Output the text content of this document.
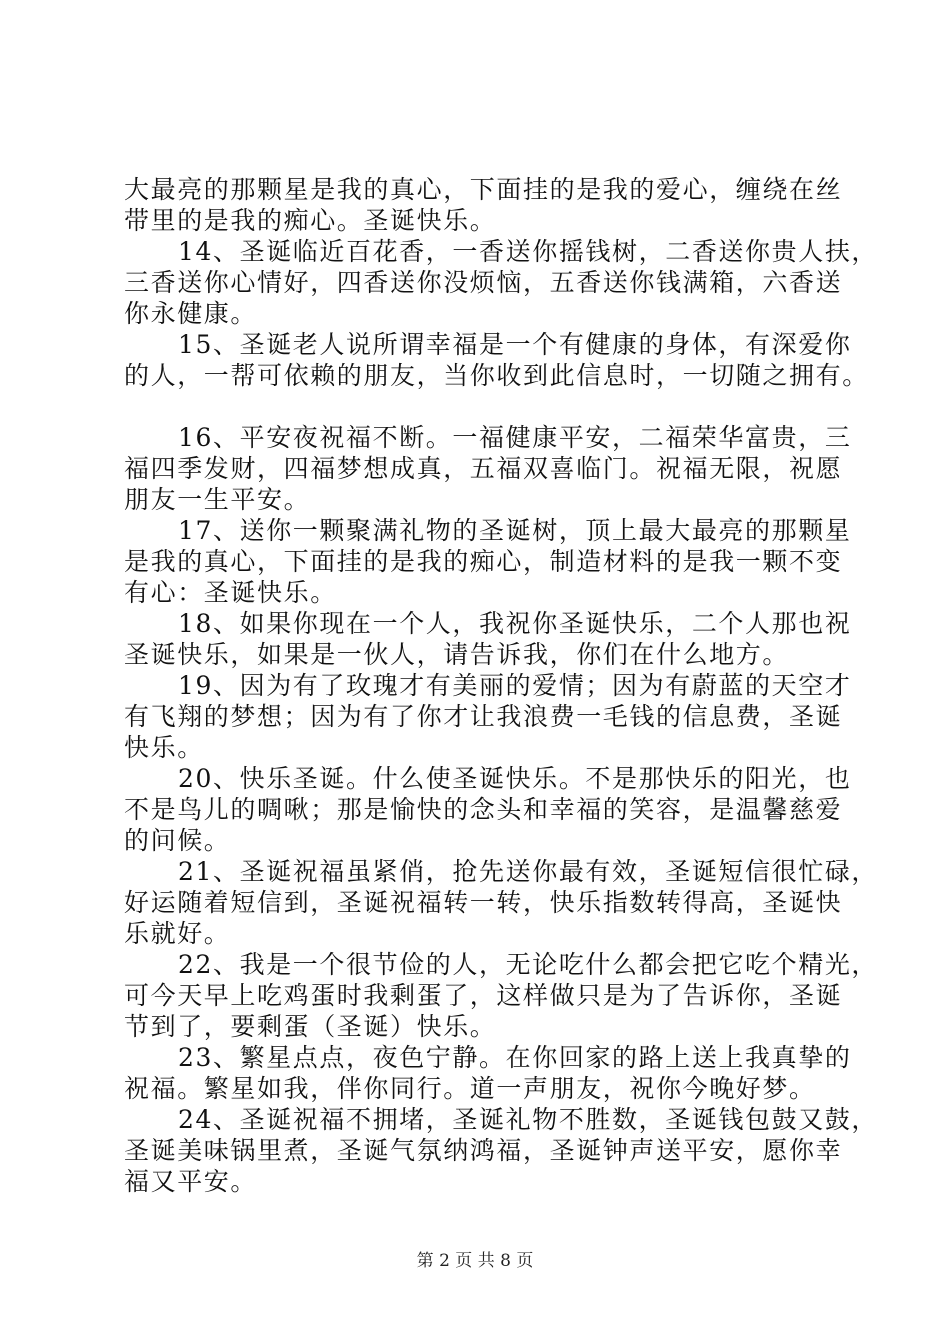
大最亮的那颗星是我的真心，下面挂的是我的爱心，缠绕在丝
带里的是我的痴心。圣诞快乐。
14、圣诞临近百花香，一香送你摇钱树，二香送你贵人扶，
三香送你心情好，四香送你没烦恼，五香送你钱满箱，六香送
你永健康。
15、圣诞老人说所谓幸福是一个有健康的身体，有深爱你
的人，一帮可依赖的朋友，当你收到此信息时，一切随之拥有。
16、平安夜祝福不断。一福健康平安，二福荣华富贵，三
福四季发财，四福梦想成真，五福双喜临门。祝福无限，祝愿
朋友一生平安。
17、送你一颗聚满礼物的圣诞树，顶上最大最亮的那颗星
是我的真心，下面挂的是我的痴心，制造材料的是我一颗不变
有心：圣诞快乐。
18、如果你现在一个人，我祝你圣诞快乐，二个人那也祝
圣诞快乐，如果是一伙人，请告诉我，你们在什么地方。
19、因为有了玫瑰才有美丽的爱情；因为有蔚蓝的天空才
有飞翔的梦想；因为有了你才让我浪费一毛钱的信息费，圣诞
快乐。
20、快乐圣诞。什么使圣诞快乐。不是那快乐的阳光，也
不是鸟儿的啁啾；那是愉快的念头和幸福的笑容，是温馨慈爱
的问候。
21、圣诞祝福虽紧俏，抢先送你最有效，圣诞短信很忙碌，
好运随着短信到，圣诞祝福转一转，快乐指数转得高，圣诞快
乐就好。
22、我是一个很节俭的人，无论吃什么都会把它吃个精光，
可今天早上吃鸡蛋时我剩蛋了，这样做只是为了告诉你，圣诞
节到了，要剩蛋（圣诞）快乐。
23、繁星点点，夜色宁静。在你回家的路上送上我真挚的
祝福。繁星如我，伴你同行。道一声朋友，祝你今晚好梦。
24、圣诞祝福不拥堵，圣诞礼物不胜数，圣诞钱包鼓又鼓，
圣诞美味锅里煮，圣诞气氛纳鸿福，圣诞钟声送平安，愿你幸
福又平安。
第 2 页 共 8 页
